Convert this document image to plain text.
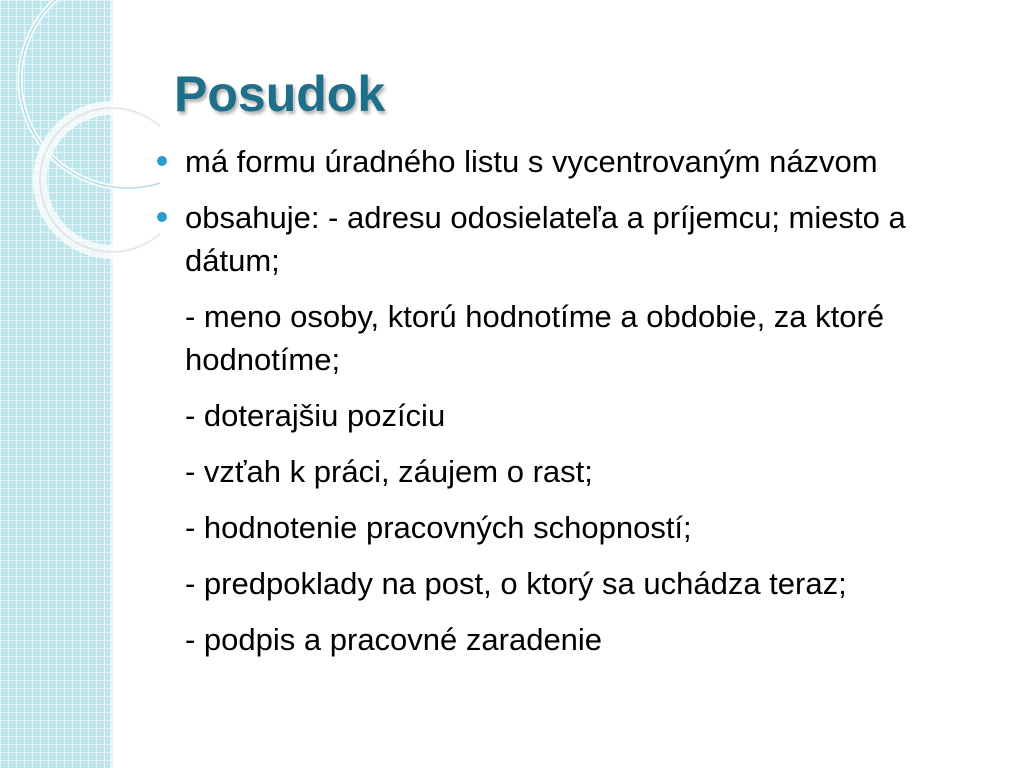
Posudok
má formu úradného listu s vycentrovaným názvom
obsahuje: - adresu odosielateľa a príjemcu; miesto a dátum;
- meno osoby, ktorú hodnotíme a obdobie, za ktoré hodnotíme;
- doterajšiu pozíciu
- vzťah k práci, záujem o rast;
- hodnotenie pracovných schopností;
- predpoklady na post, o ktorý sa uchádza teraz;
- podpis a pracovné zaradenie
